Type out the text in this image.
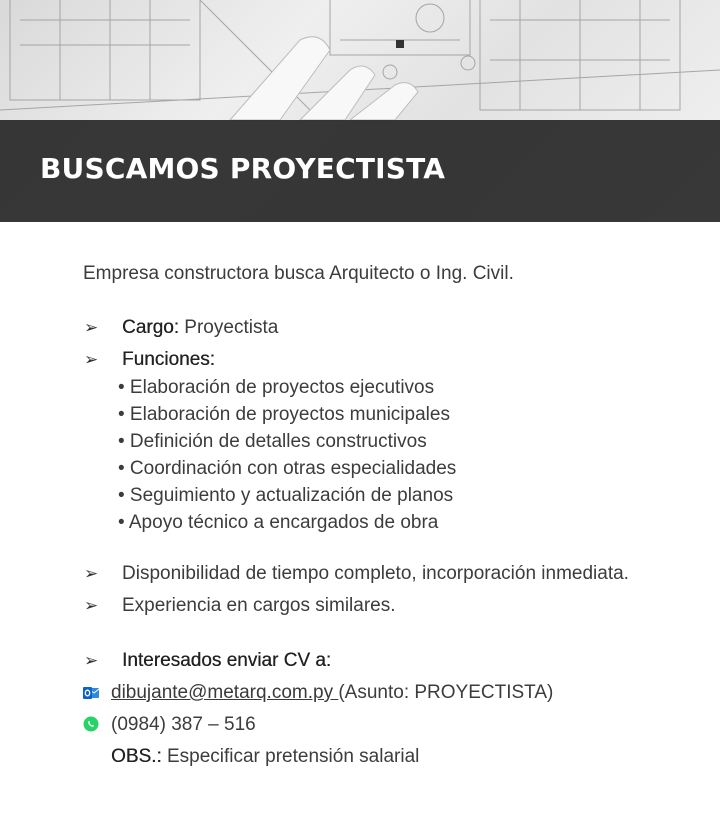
BUSCAMOS PROYECTISTA
Empresa constructora busca Arquitecto o Ing. Civil.
➢ Cargo: Proyectista
➢ Funciones:
• Elaboración de proyectos ejecutivos
• Elaboración de proyectos municipales
• Definición de detalles constructivos
• Coordinación con otras especialidades
• Seguimiento y actualización de planos
• Apoyo técnico a encargados de obra
➢ Disponibilidad de tiempo completo, incorporación inmediata.
➢ Experiencia en cargos similares.
➢ Interesados enviar CV a:
dibujante@metarq.com.py (Asunto: PROYECTISTA)
(0984) 387 – 516
OBS.: Especificar pretensión salarial
